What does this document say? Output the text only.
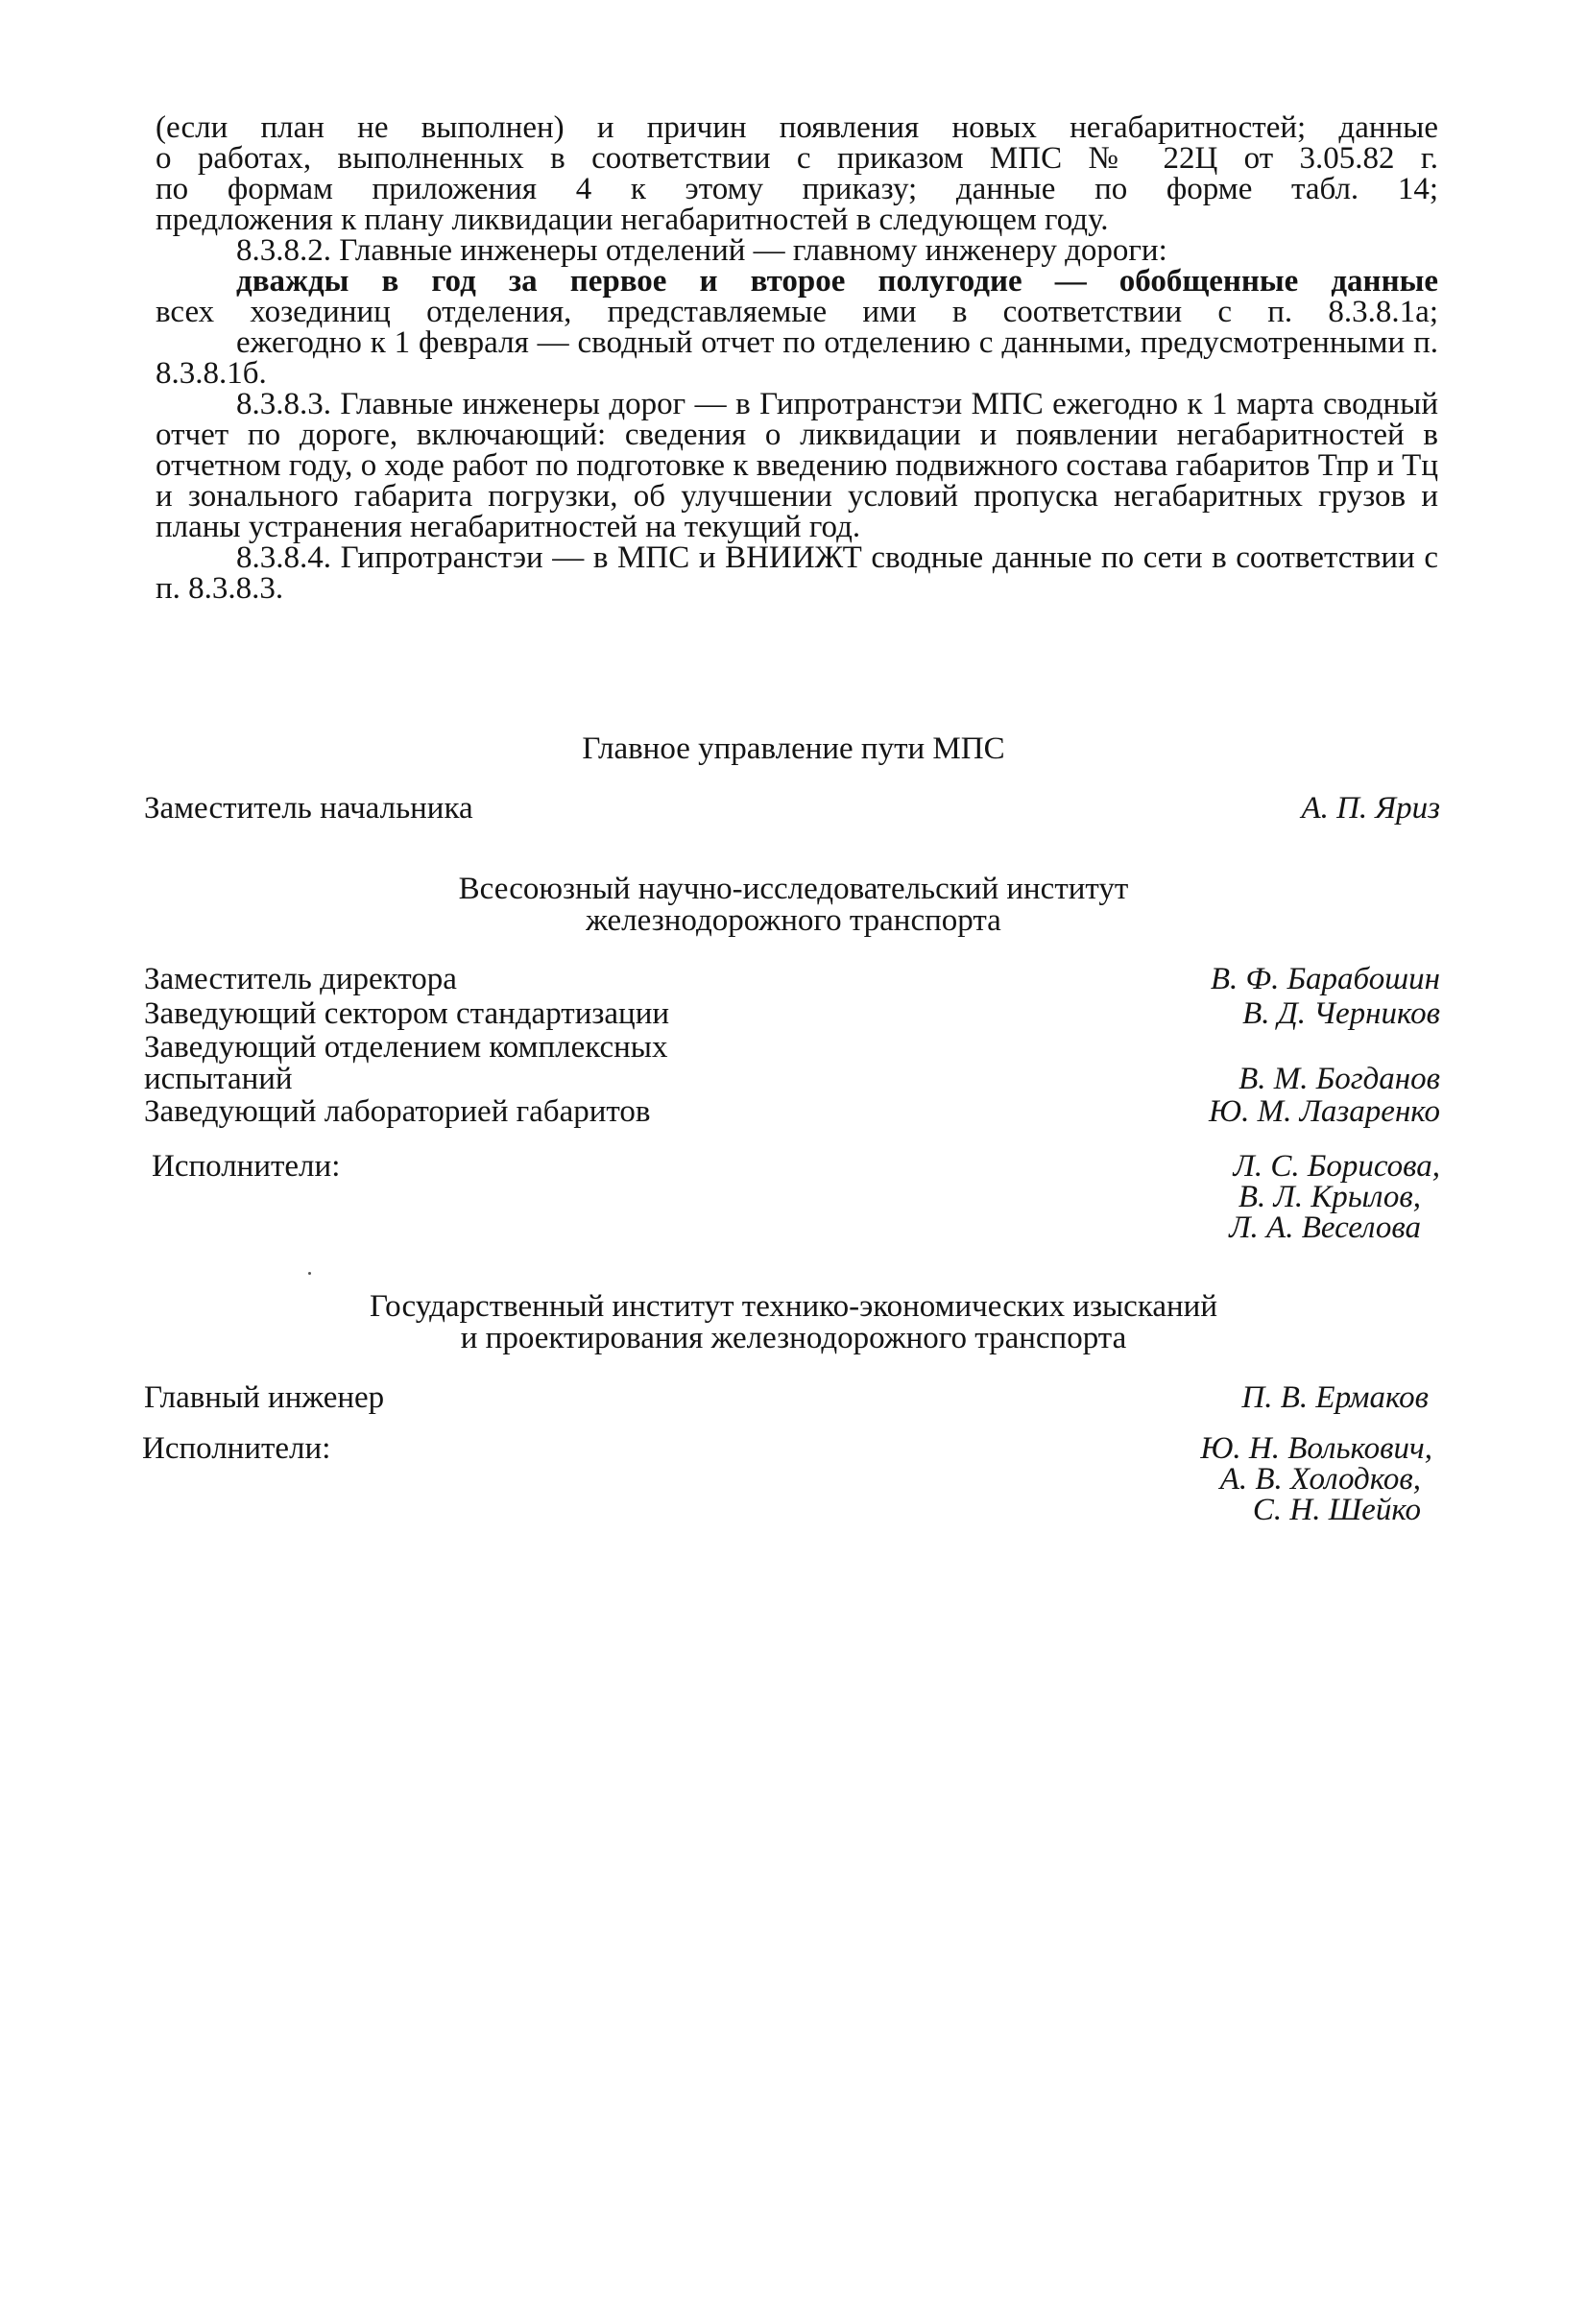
(если план не выполнен) и причин появления новых негабаритностей; данные
о работах, выполненных в соответствии с приказом МПС № 22Ц от 3.05.82 г.
по формам приложения 4 к этому приказу; данные по форме табл. 14;
предложения к плану ликвидации негабаритностей в следующем году.

8.3.8.2. Главные инженеры отделений — главному инженеру дороги:

дважды в год за первое и второе полугодие — обобщенные данные

всех хозединиц отделения, представляемые ими в соответствии с п. 8.3.8.1а;

ежегодно к 1 февраля — сводный отчет по отделению с данными, предусмотренными п. 8.3.8.1б.

8.3.8.3. Главные инженеры дорог — в Гипротранстэи МПС ежегодно к 1 марта сводный отчет по дороге, включающий: сведения о ликвидации и появлении негабаритностей в отчетном году, о ходе работ по подготовке к введению подвижного состава габаритов Тпр и Тц и зонального габарита погрузки, об улучшении условий пропуска негабаритных грузов и планы устранения негабаритностей на текущий год.

8.3.8.4. Гипротранстэи — в МПС и ВНИИЖТ сводные данные по сети в соответствии с п. 8.3.8.3.

Главное управление пути МПС
Заместитель начальника	А. П. Яриз
Всесоюзный научно-исследовательский институт
железнодорожного транспорта
Заместитель директора	В. Ф. Барабошин
Заведующий сектором стандартизации	В. Д. Черников
Заведующий отделением комплексных
испытаний	В. М. Богданов
Заведующий лабораторией габаритов	Ю. М. Лазаренко
Исполнители:	Л. С. Борисова,
В. Л. Крылов,
Л. А. Веселова
Государственный институт технико-экономических изысканий
и проектирования железнодорожного транспорта
Главный инженер	П. В. Ермаков
Исполнители:	Ю. Н. Волькович,
А. В. Холодков,
С. Н. Шейко
